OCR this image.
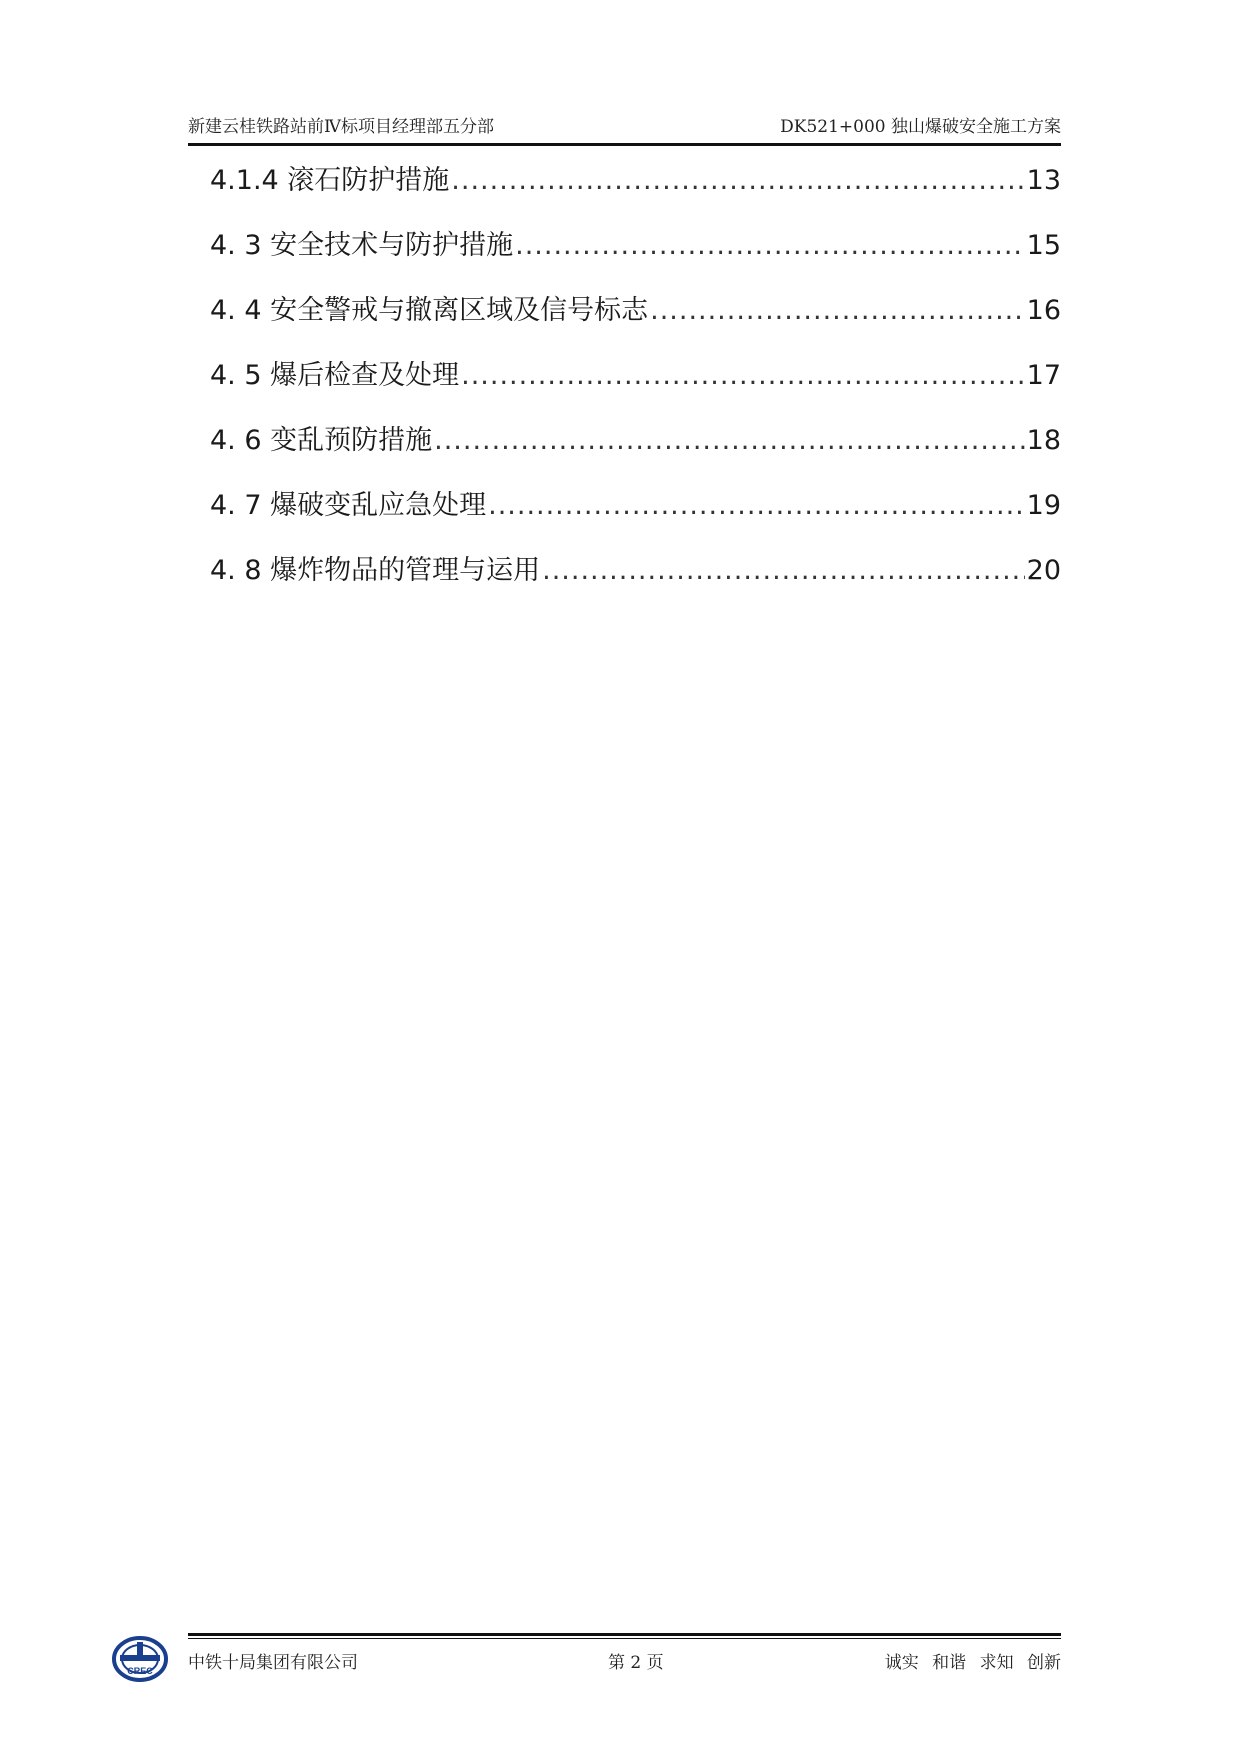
新建云桂铁路站前Ⅳ标项目经理部五分部	DK521+000 独山爆破安全施工方案
4.1.4 滚石防护措施 .....	13
4. 3 安全技术与防护措施 .....	15
4. 4 安全警戒与撤离区域及信号标志 .....	16
4. 5 爆后检查及处理 .....	17
4. 6 变乱预防措施 .....	18
4. 7 爆破变乱应急处理 .....	19
4. 8 爆炸物品的管理与运用 .....	20
CREC 中铁十局集团有限公司	第 2 页	诚实 和谐 求知 创新
